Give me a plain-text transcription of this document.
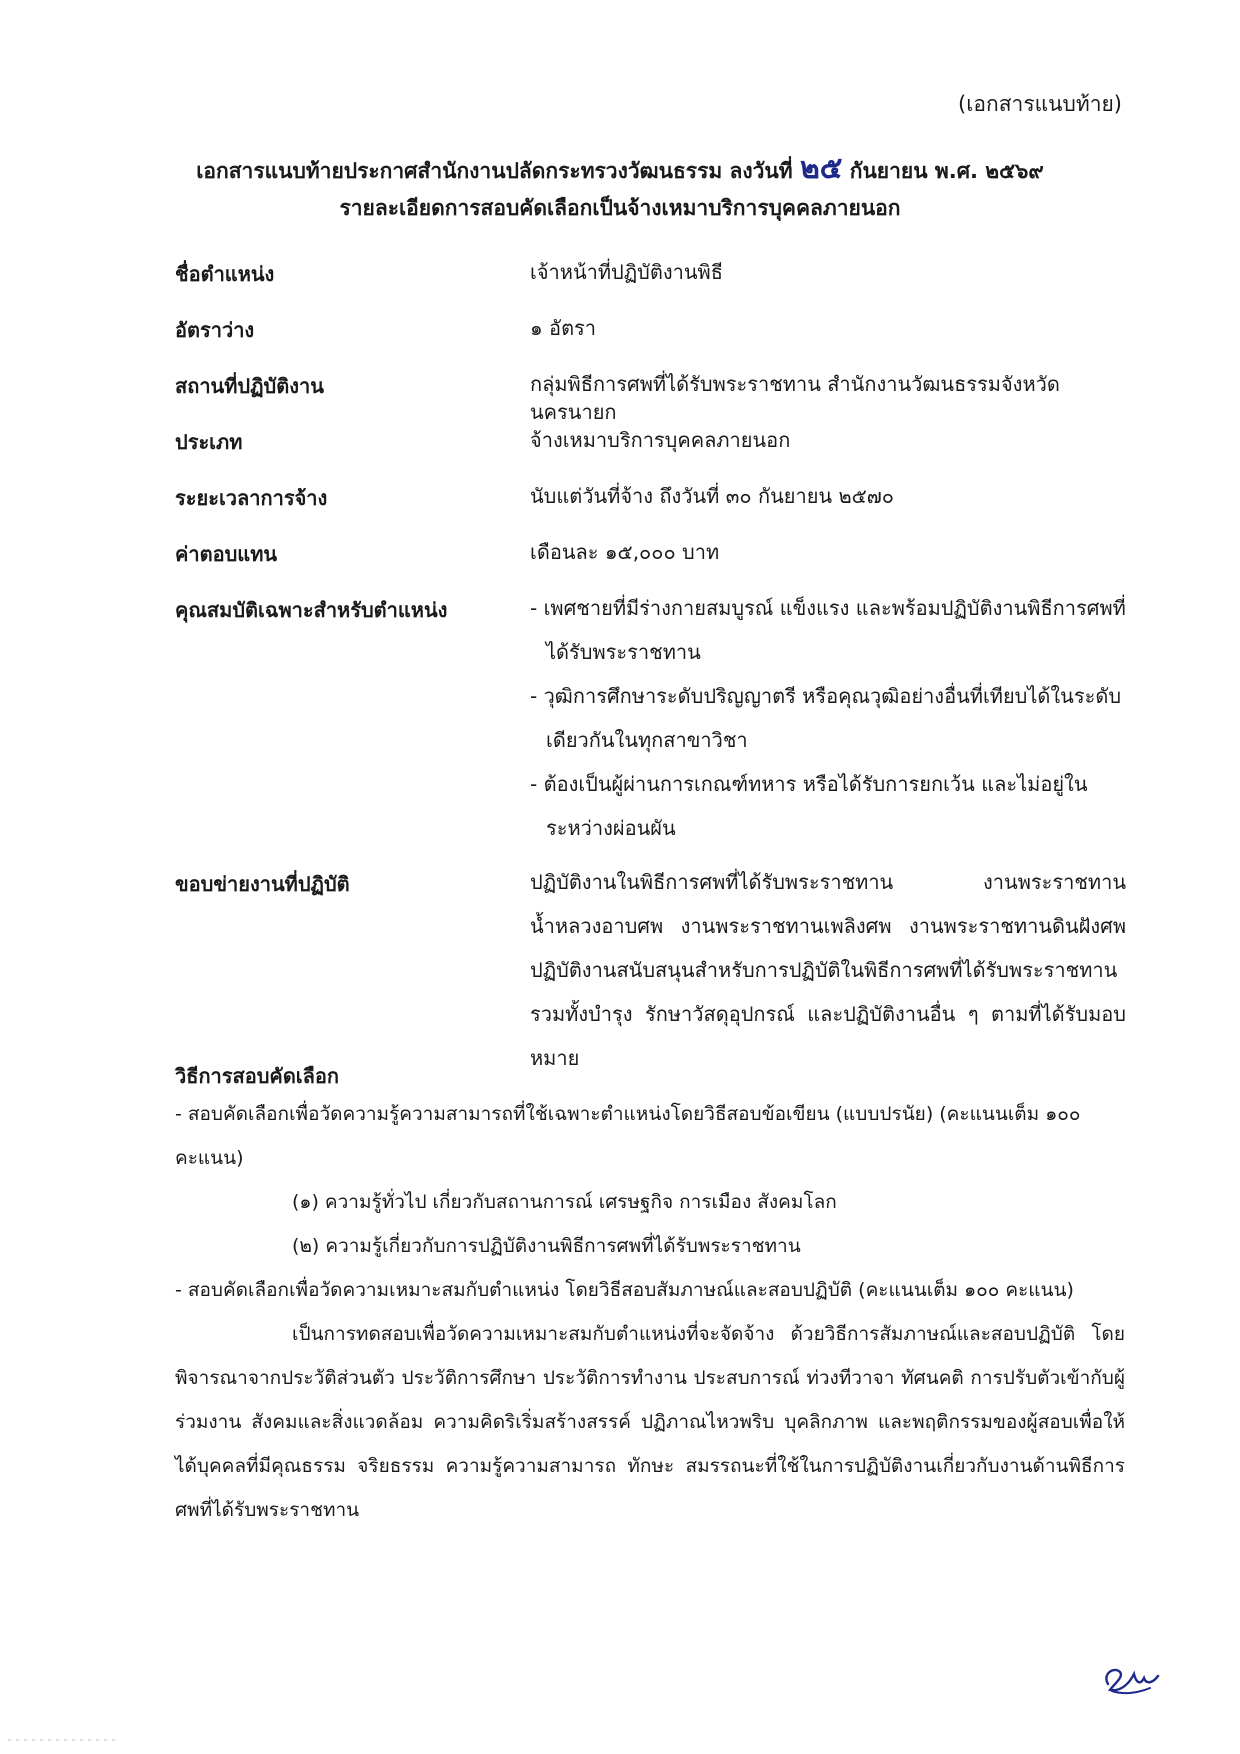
(เอกสารแนบท้าย)
เอกสารแนบท้ายประกาศสำนักงานปลัดกระทรวงวัฒนธรรม ลงวันที่ ๒๕ กันยายน พ.ศ. ๒๕๖๙
รายละเอียดการสอบคัดเลือกเป็นจ้างเหมาบริการบุคคลภายนอก
ชื่อตำแหน่ง	เจ้าหน้าที่ปฏิบัติงานพิธี
อัตราว่าง	๑ อัตรา
สถานที่ปฏิบัติงาน	กลุ่มพิธีการศพที่ได้รับพระราชทาน สำนักงานวัฒนธรรมจังหวัดนครนายก
ประเภท	จ้างเหมาบริการบุคคลภายนอก
ระยะเวลาการจ้าง	นับแต่วันที่จ้าง ถึงวันที่ ๓๐ กันยายน ๒๕๗๐
ค่าตอบแทน	เดือนละ ๑๕,๐๐๐ บาท
คุณสมบัติเฉพาะสำหรับตำแหน่ง	- เพศชายที่มีร่างกายสมบูรณ์ แข็งแรง และพร้อมปฏิบัติงานพิธีการศพที่ได้รับพระราชทาน
- วุฒิการศึกษาระดับปริญญาตรี หรือคุณวุฒิอย่างอื่นที่เทียบได้ในระดับเดียวกันในทุกสาขาวิชา
- ต้องเป็นผู้ผ่านการเกณฑ์ทหาร หรือได้รับการยกเว้น และไม่อยู่ในระหว่างผ่อนผัน
ขอบข่ายงานที่ปฏิบัติ	ปฏิบัติงานในพิธีการศพที่ได้รับพระราชทาน งานพระราชทาน
น้ำหลวงอาบศพ งานพระราชทานเพลิงศพ งานพระราชทานดินฝังศพ
ปฏิบัติงานสนับสนุนสำหรับการปฏิบัติในพิธีการศพที่ได้รับพระราชทาน
รวมทั้งบำรุง รักษาวัสดุอุปกรณ์ และปฏิบัติงานอื่น ๆ ตามที่ได้รับมอบหมาย
วิธีการสอบคัดเลือก
- สอบคัดเลือกเพื่อวัดความรู้ความสามารถที่ใช้เฉพาะตำแหน่งโดยวิธีสอบข้อเขียน (แบบปรนัย) (คะแนนเต็ม ๑๐๐ คะแนน)
(๑) ความรู้ทั่วไป เกี่ยวกับสถานการณ์ เศรษฐกิจ การเมือง สังคมโลก
(๒) ความรู้เกี่ยวกับการปฏิบัติงานพิธีการศพที่ได้รับพระราชทาน
- สอบคัดเลือกเพื่อวัดความเหมาะสมกับตำแหน่ง โดยวิธีสอบสัมภาษณ์และสอบปฏิบัติ (คะแนนเต็ม ๑๐๐ คะแนน)
เป็นการทดสอบเพื่อวัดความเหมาะสมกับตำแหน่งที่จะจัดจ้าง ด้วยวิธีการสัมภาษณ์และสอบปฏิบัติ โดยพิจารณาจากประวัติส่วนตัว ประวัติการศึกษา ประวัติการทำงาน ประสบการณ์ ท่วงทีวาจา ทัศนคติ การปรับตัวเข้ากับผู้ร่วมงาน สังคมและสิ่งแวดล้อม ความคิดริเริ่มสร้างสรรค์ ปฏิภาณไหวพริบ บุคลิกภาพ และพฤติกรรมของผู้สอบเพื่อให้ได้บุคคลที่มีคุณธรรม จริยธรรม ความรู้ความสามารถ ทักษะ สมรรถนะที่ใช้ในการปฏิบัติงานเกี่ยวกับงานด้านพิธีการศพที่ได้รับพระราชทาน
